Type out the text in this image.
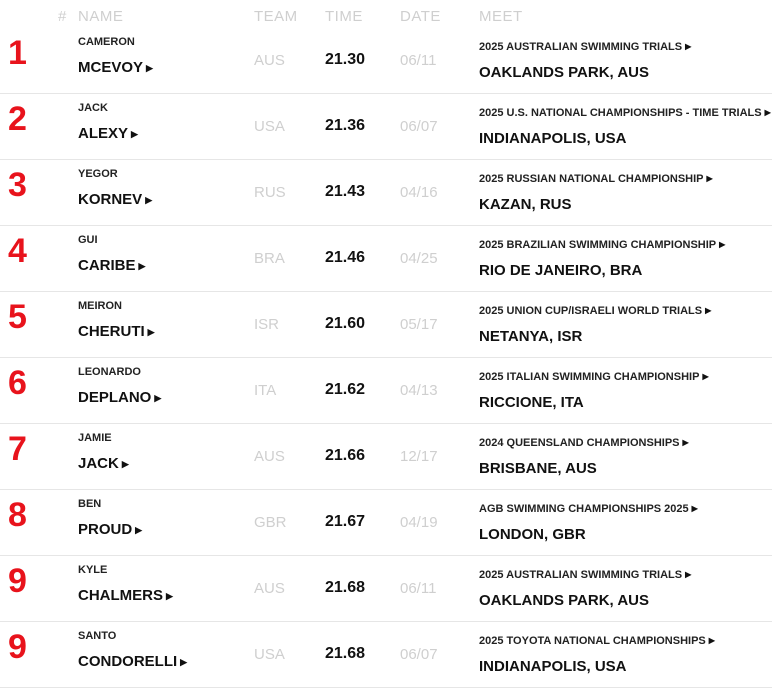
# NAME	TEAM TIME DATE	MEET
1	CAMERON
MCEVOY ▶	AUS	21.30 06/11
2025 AUSTRALIAN SWIMMING TRIALS ▶
OAKLANDS PARK, AUS
2	JACK
ALEXY ▶	USA	21.36 06/07
2025 U.S. NATIONAL CHAMPIONSHIPS - TIME TRIALS ▶
INDIANAPOLIS, USA
3	YEGOR
KORNEV ▶	RUS 21.43 04/16
2025 RUSSIAN NATIONAL CHAMPIONSHIP ▶
KAZAN, RUS
4	GUI
CARIBE ▶	BRA	21.46 04/25
2025 BRAZILIAN SWIMMING CHAMPIONSHIP ▶
RIO DE JANEIRO, BRA
5	MEIRON
CHERUTI ▶	ISR	21.60 05/17
2025 UNION CUP/ISRAELI WORLD TRIALS ▶
NETANYA, ISR
6	LEONARDO
DEPLANO ▶	ITA	21.62 04/13
2025 ITALIAN SWIMMING CHAMPIONSHIP ▶
RICCIONE, ITA
7	JAMIE
JACK ▶	AUS	21.66 12/17
2024 QUEENSLAND CHAMPIONSHIPS ▶
BRISBANE, AUS
8	BEN
PROUD ▶	GBR 21.67 04/19
AGB SWIMMING CHAMPIONSHIPS 2025 ▶
LONDON, GBR
9	KYLE
CHALMERS ▶	AUS	21.68 06/11
2025 AUSTRALIAN SWIMMING TRIALS ▶
OAKLANDS PARK, AUS
9	SANTO
CONDORELLI ▶	USA	21.68 06/07
2025 TOYOTA NATIONAL CHAMPIONSHIPS ▶
INDIANAPOLIS, USA
